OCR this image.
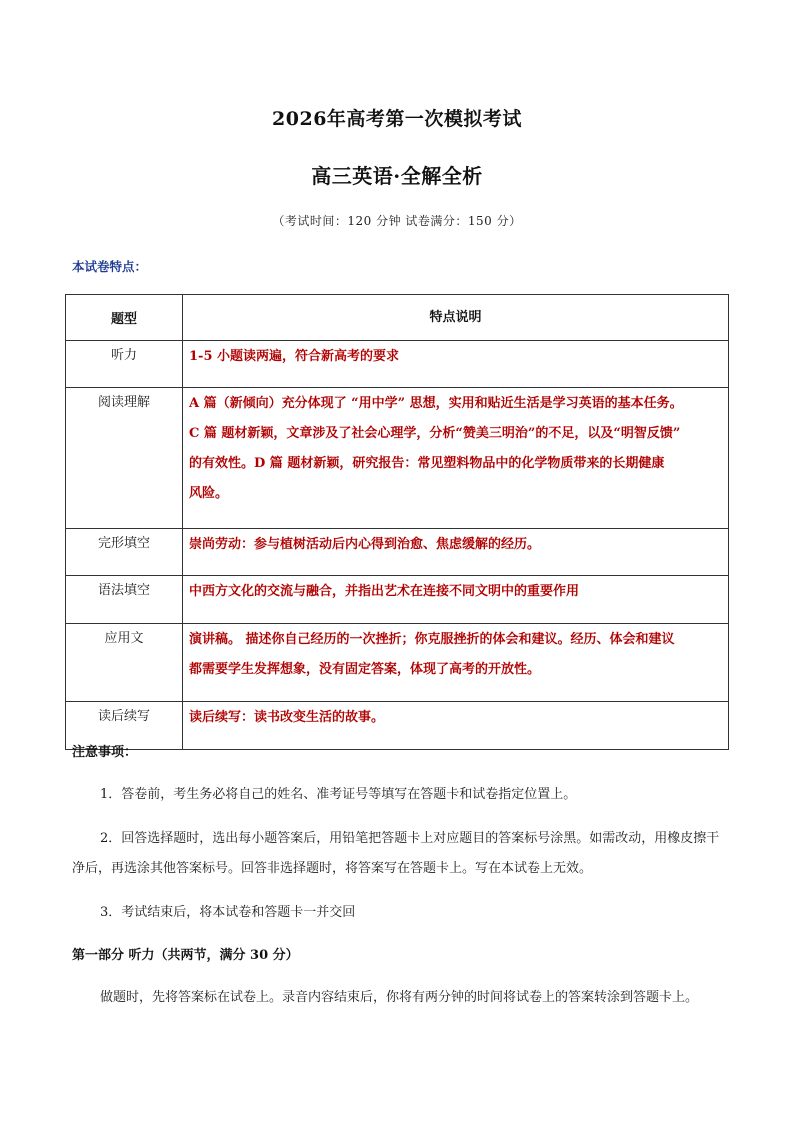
2026年高考第一次模拟考试
高三英语·全解全析
（考试时间：120 分钟 试卷满分：150 分）
本试卷特点：
题型	特点说明

听力	1-5 小题读两遍，符合新高考的要求

阅读理解	A 篇（新倾向）充分体现了 “用中学” 思想，实用和贴近生活是学习英语的基本任务。
C 篇 题材新颖，文章涉及了社会心理学，分析“赞美三明治”的不足，以及“明智反馈”
的有效性。D 篇 题材新颖，研究报告：常见塑料物品中的化学物质带来的长期健康
风险。

完形填空	崇尚劳动：参与植树活动后内心得到治愈、焦虑缓解的经历。

语法填空	中西方文化的交流与融合，并指出艺术在连接不同文明中的重要作用

应用文	演讲稿。 描述你自己经历的一次挫折；你克服挫折的体会和建议。经历、体会和建议
都需要学生发挥想象，没有固定答案，体现了高考的开放性。

读后续写	读后续写：读书改变生活的故事。
注意事项：
1．答卷前，考生务必将自己的姓名、准考证号等填写在答题卡和试卷指定位置上。
2．回答选择题时，选出每小题答案后，用铅笔把答题卡上对应题目的答案标号涂黑。如需改动，用橡皮擦干净后，再选涂其他答案标号。回答非选择题时，将答案写在答题卡上。写在本试卷上无效。
3．考试结束后，将本试卷和答题卡一并交回
第一部分 听力（共两节，满分 30 分）
做题时，先将答案标在试卷上。录音内容结束后，你将有两分钟的时间将试卷上的答案转涂到答题卡上。
